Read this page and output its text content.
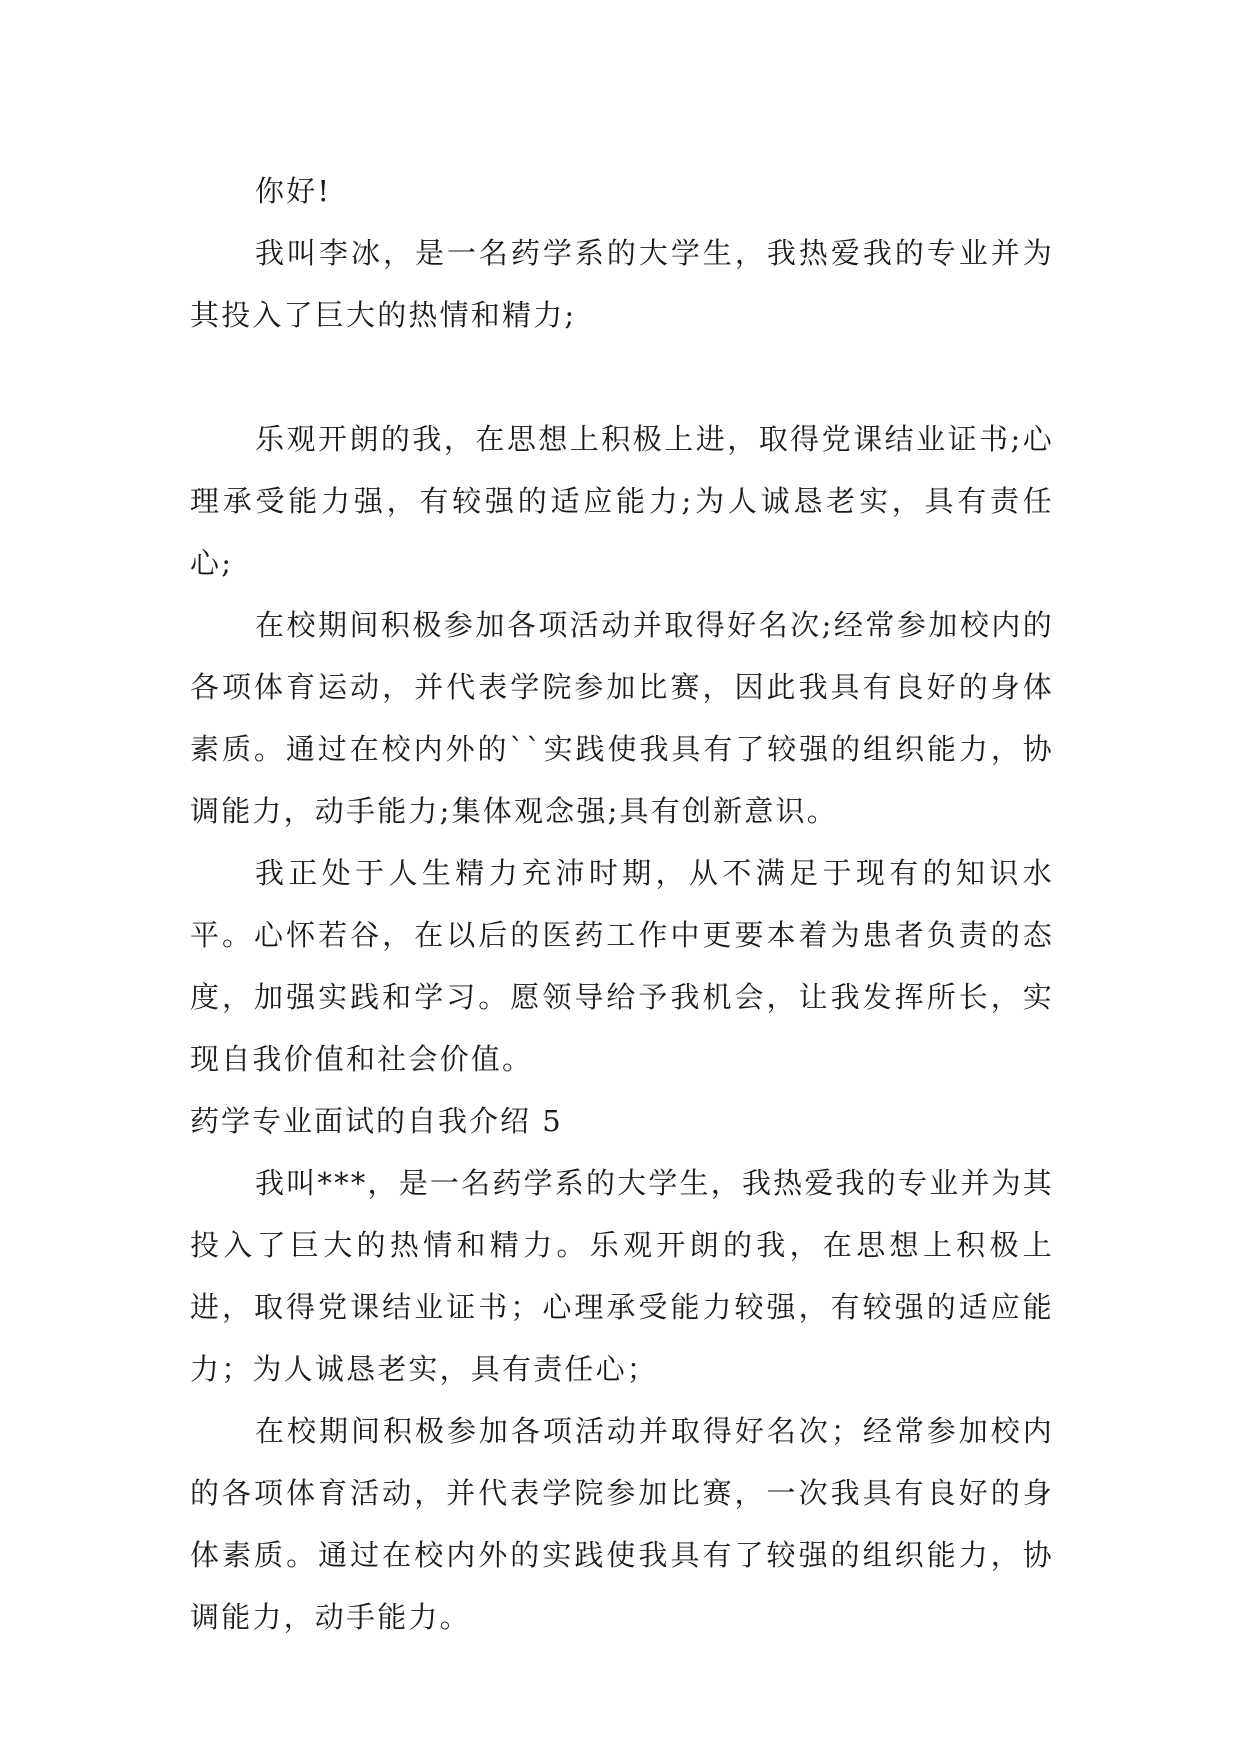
你好!

我叫李冰，是一名药学系的大学生，我热爱我的专业并为其投入了巨大的热情和精力;

乐观开朗的我，在思想上积极上进，取得党课结业证书;心理承受能力强，有较强的适应能力;为人诚恳老实，具有责任心;

在校期间积极参加各项活动并取得好名次;经常参加校内的各项体育运动，并代表学院参加比赛，因此我具有良好的身体素质。通过在校内外的``实践使我具有了较强的组织能力，协调能力，动手能力;集体观念强;具有创新意识。

我正处于人生精力充沛时期，从不满足于现有的知识水平。心怀若谷，在以后的医药工作中更要本着为患者负责的态度，加强实践和学习。愿领导给予我机会，让我发挥所长，实现自我价值和社会价值。

药学专业面试的自我介绍 5

我叫***，是一名药学系的大学生，我热爱我的专业并为其投入了巨大的热情和精力。乐观开朗的我，在思想上积极上进，取得党课结业证书；心理承受能力较强，有较强的适应能力；为人诚恳老实，具有责任心；

在校期间积极参加各项活动并取得好名次；经常参加校内的各项体育活动，并代表学院参加比赛，一次我具有良好的身体素质。通过在校内外的实践使我具有了较强的组织能力，协调能力，动手能力。
